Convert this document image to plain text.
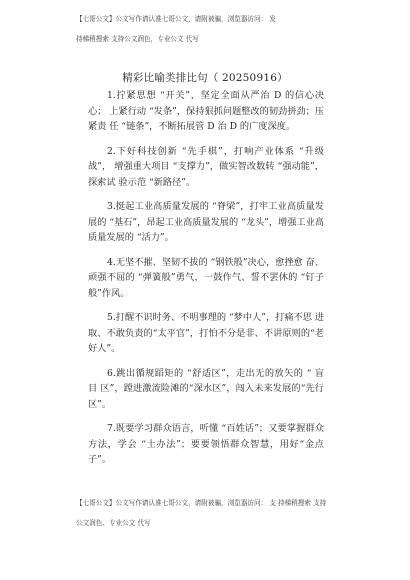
【七哥公文】公文写作请认准七哥公文，请附被骗，浏览器访问： 发
持梯稍搜索 支持公文润色，专业公文 代写
精彩比喻类排比句（ 20250916）

1.拧紧思想 “开关”，坚定全面从严治 D 的信心决心； 上紧行动 “发条”，保持狠抓问题整改的韧劲拼劲；压紧责 任 “链条”，不断拓展管 D 治 D 的广度深度。

2.下好科技创新 “先手棋”，打响产业体系 “升级战”， 增强重大项目 “支撑力”，做实智改数转 “强动能”，探索试 验示范 “新路径”。

3.挺起工业高质量发展的 “脊梁”，打牢工业高质量发 展的 “基石”，昂起工业高质量发展的 “龙头”，增强工业高 质量发展的 “活力”。

4.无坚不摧、坚韧不拔的 “钢铁般”决心，愈挫愈 奋、 顽强不屈的 “弹簧般”勇气，一鼓作气、誓不罢休的 “钉子 般”作风。

5.打醒不识时务、不明事理的 “梦中人”，打痛不思 进取、不敢负责的“太平官”，打怕不分是非、不讲原则的“老 好人”。

6.跳出循规蹈矩的 “舒适区”，走出无的放矢的 “ 盲 目 区”，蹚进激流险滩的“深水区”，闯入未来发展的“先行区”。

7.既要学习群众语言，听懂 “百姓话”；又要掌握群众 方法，学会 “土办法”；要要领悟群众智慧，用好“金点 子”。

【七哥公文】公文写作请认准七哥公文，请附被骗，浏览器访问： 支 持梯稍搜索 支持
公文润色、专业公文 代写
